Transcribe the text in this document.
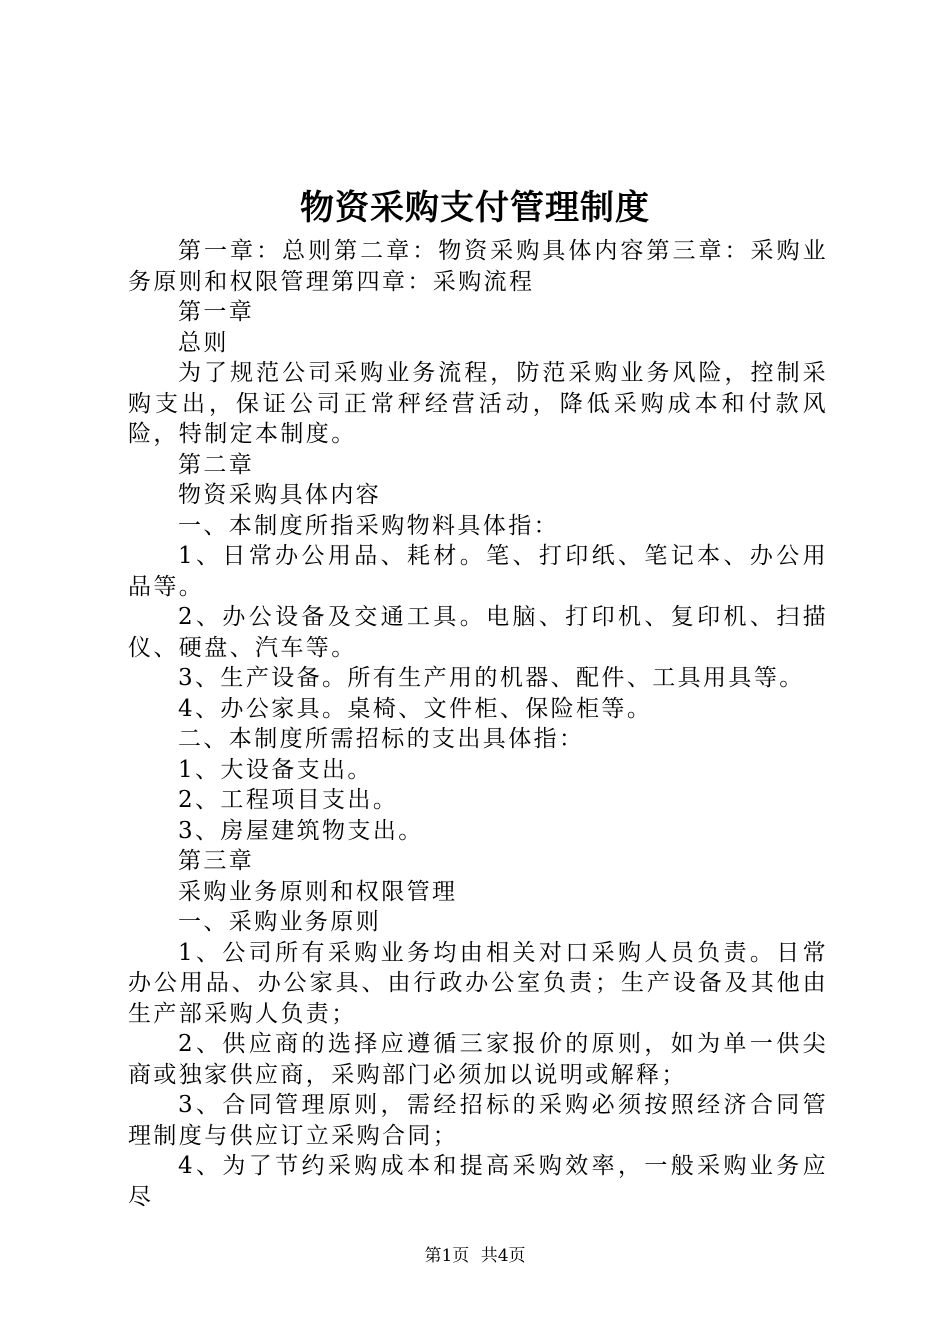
物资采购支付管理制度

第一章：总则第二章：物资采购具体内容第三章：采购业务原则和权限管理第四章：采购流程

第一章

总则

为了规范公司采购业务流程，防范采购业务风险，控制采购支出，保证公司正常秤经营活动，降低采购成本和付款风险，特制定本制度。

第二章

物资采购具体内容

一、本制度所指采购物料具体指：

1、日常办公用品、耗材。笔、打印纸、笔记本、办公用品等。

2、办公设备及交通工具。电脑、打印机、复印机、扫描仪、硬盘、汽车等。

3、生产设备。所有生产用的机器、配件、工具用具等。

4、办公家具。桌椅、文件柜、保险柜等。

二、本制度所需招标的支出具体指：

1、大设备支出。

2、工程项目支出。

3、房屋建筑物支出。

第三章

采购业务原则和权限管理

一、采购业务原则

1、公司所有采购业务均由相关对口采购人员负责。日常办公用品、办公家具、由行政办公室负责；生产设备及其他由生产部采购人负责；

2、供应商的选择应遵循三家报价的原则，如为单一供尖商或独家供应商，采购部门必须加以说明或解释；

3、合同管理原则，需经招标的采购必须按照经济合同管理制度与供应订立采购合同；

4、为了节约采购成本和提高采购效率，一般采购业务应尽

第1页 共4页
